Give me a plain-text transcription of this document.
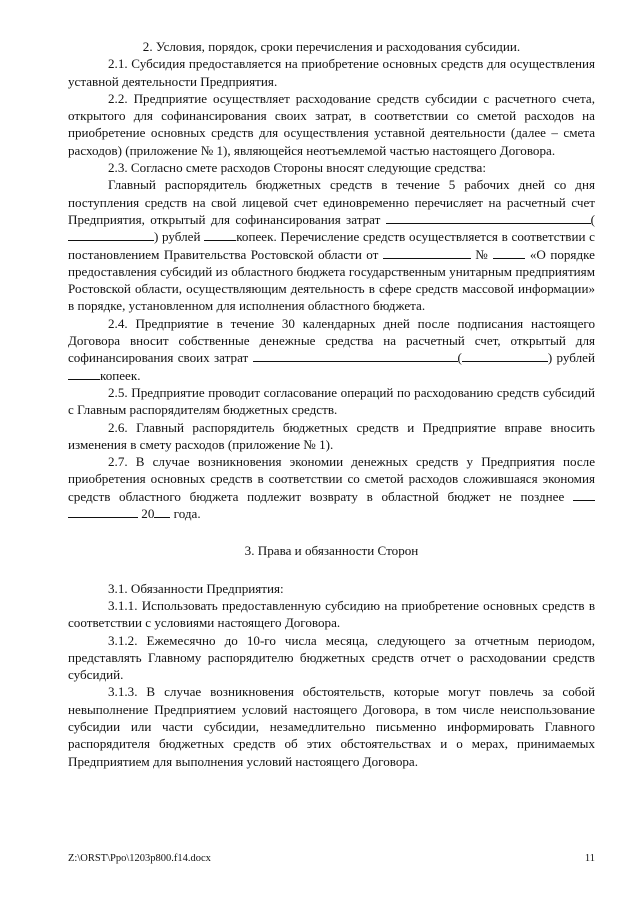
2. Условия, порядок, сроки перечисления и расходования субсидии.

2.1. Субсидия предоставляется на приобретение основных средств для осуществления уставной деятельности Предприятия.

2.2. Предприятие осуществляет расходование средств субсидии с расчетного счета, открытого для софинансирования своих затрат, в соответствии со сметой расходов на приобретение основных средств для осуществления уставной деятельности (далее – смета расходов) (приложение № 1), являющейся неотъемлемой частью настоящего Договора.

2.3. Согласно смете расходов Стороны вносят следующие средства:

Главный распорядитель бюджетных средств в течение 5 рабочих дней со дня поступления средств на свой лицевой счет единовременно перечисляет на расчетный счет Предприятия, открытый для софинансирования затрат	() рублей	копеек. Перечисление средств осуществляется в соответствии с постановлением Правительства Ростовской области от	№	«О порядке предоставления субсидий из областного бюджета государственным унитарным предприятиям Ростовской области, осуществляющим деятельность в сфере средств массовой информации» в порядке, установленном для исполнения областного бюджета.

2.4. Предприятие в течение 30 календарных дней после подписания настоящего Договора вносит собственные денежные средства на расчетный счет, открытый для софинансирования своих затрат	(	) рублей копеек.

2.5. Предприятие проводит согласование операций по расходованию средств субсидий с Главным распорядителям бюджетных средств.

2.6. Главный распорядитель бюджетных средств и Предприятие вправе вносить изменения в смету расходов (приложение № 1).

2.7. В случае возникновения экономии денежных средств у Предприятия после приобретения основных средств в соответствии со сметой расходов сложившаяся экономия средств областного бюджета подлежит возврату в областной бюджет не позднее   20 года.

3. Права и обязанности Сторон

3.1. Обязанности Предприятия:

3.1.1. Использовать предоставленную субсидию на приобретение основных средств в соответствии с условиями настоящего Договора.

3.1.2. Ежемесячно до 10-го числа месяца, следующего за отчетным периодом, представлять Главному распорядителю бюджетных средств отчет о расходовании средств субсидий.

3.1.3. В случае возникновения обстоятельств, которые могут повлечь за собой невыполнение Предприятием условий настоящего Договора, в том числе неиспользование субсидии или части субсидии, незамедлительно письменно информировать Главного распорядителя бюджетных средств об этих обстоятельствах и о мерах, принимаемых Предприятием для выполнения условий настоящего Договора.

Z:\ORST\Ppo\1203p800.f14.docx	11
